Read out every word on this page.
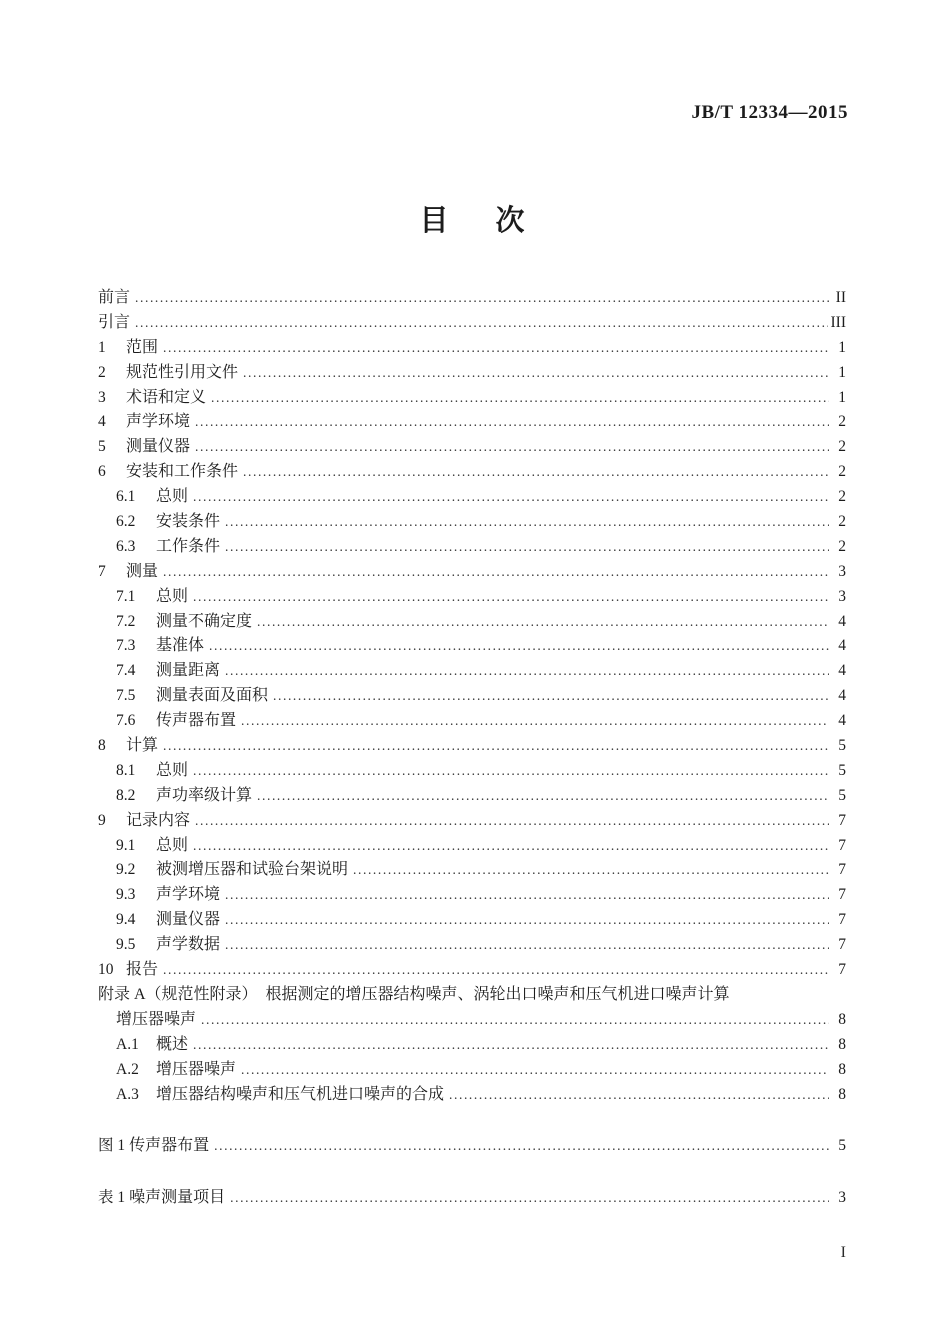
JB/T 12334—2015
目　次
前言 .....	II
引言 .....	III
1	范围 .....	1
2	规范性引用文件 .....	1
3	术语和定义 .....	1
4	声学环境 .....	2
5	测量仪器 .....	2
6	安装和工作条件 .....	2
6.1	总则 .....	2
6.2	安装条件 .....	2
6.3	工作条件 .....	2
7	测量 .....	3
7.1	总则 .....	3
7.2	测量不确定度 .....	4
7.3	基准体 .....	4
7.4	测量距离 .....	4
7.5	测量表面及面积 .....	4
7.6	传声器布置 .....	4
8	计算 .....	5
8.1	总则 .....	5
8.2	声功率级计算 .....	5
9	记录内容 .....	7
9.1	总则 .....	7
9.2	被测增压器和试验台架说明 .....	7
9.3	声学环境 .....	7
9.4	测量仪器 .....	7
9.5	声学数据 .....	7
10 报告 .....	7
附录 A（规范性附录）　根据测定的增压器结构噪声、涡轮出口噪声和压气机进口噪声计算
增压器噪声 .....	8
A.1	概述 .....	8
A.2	增压器噪声 .....	8
A.3	增压器结构噪声和压气机进口噪声的合成 .....	8
图 1 传声器布置 .....	5
表 1 噪声测量项目 .....	3
I
